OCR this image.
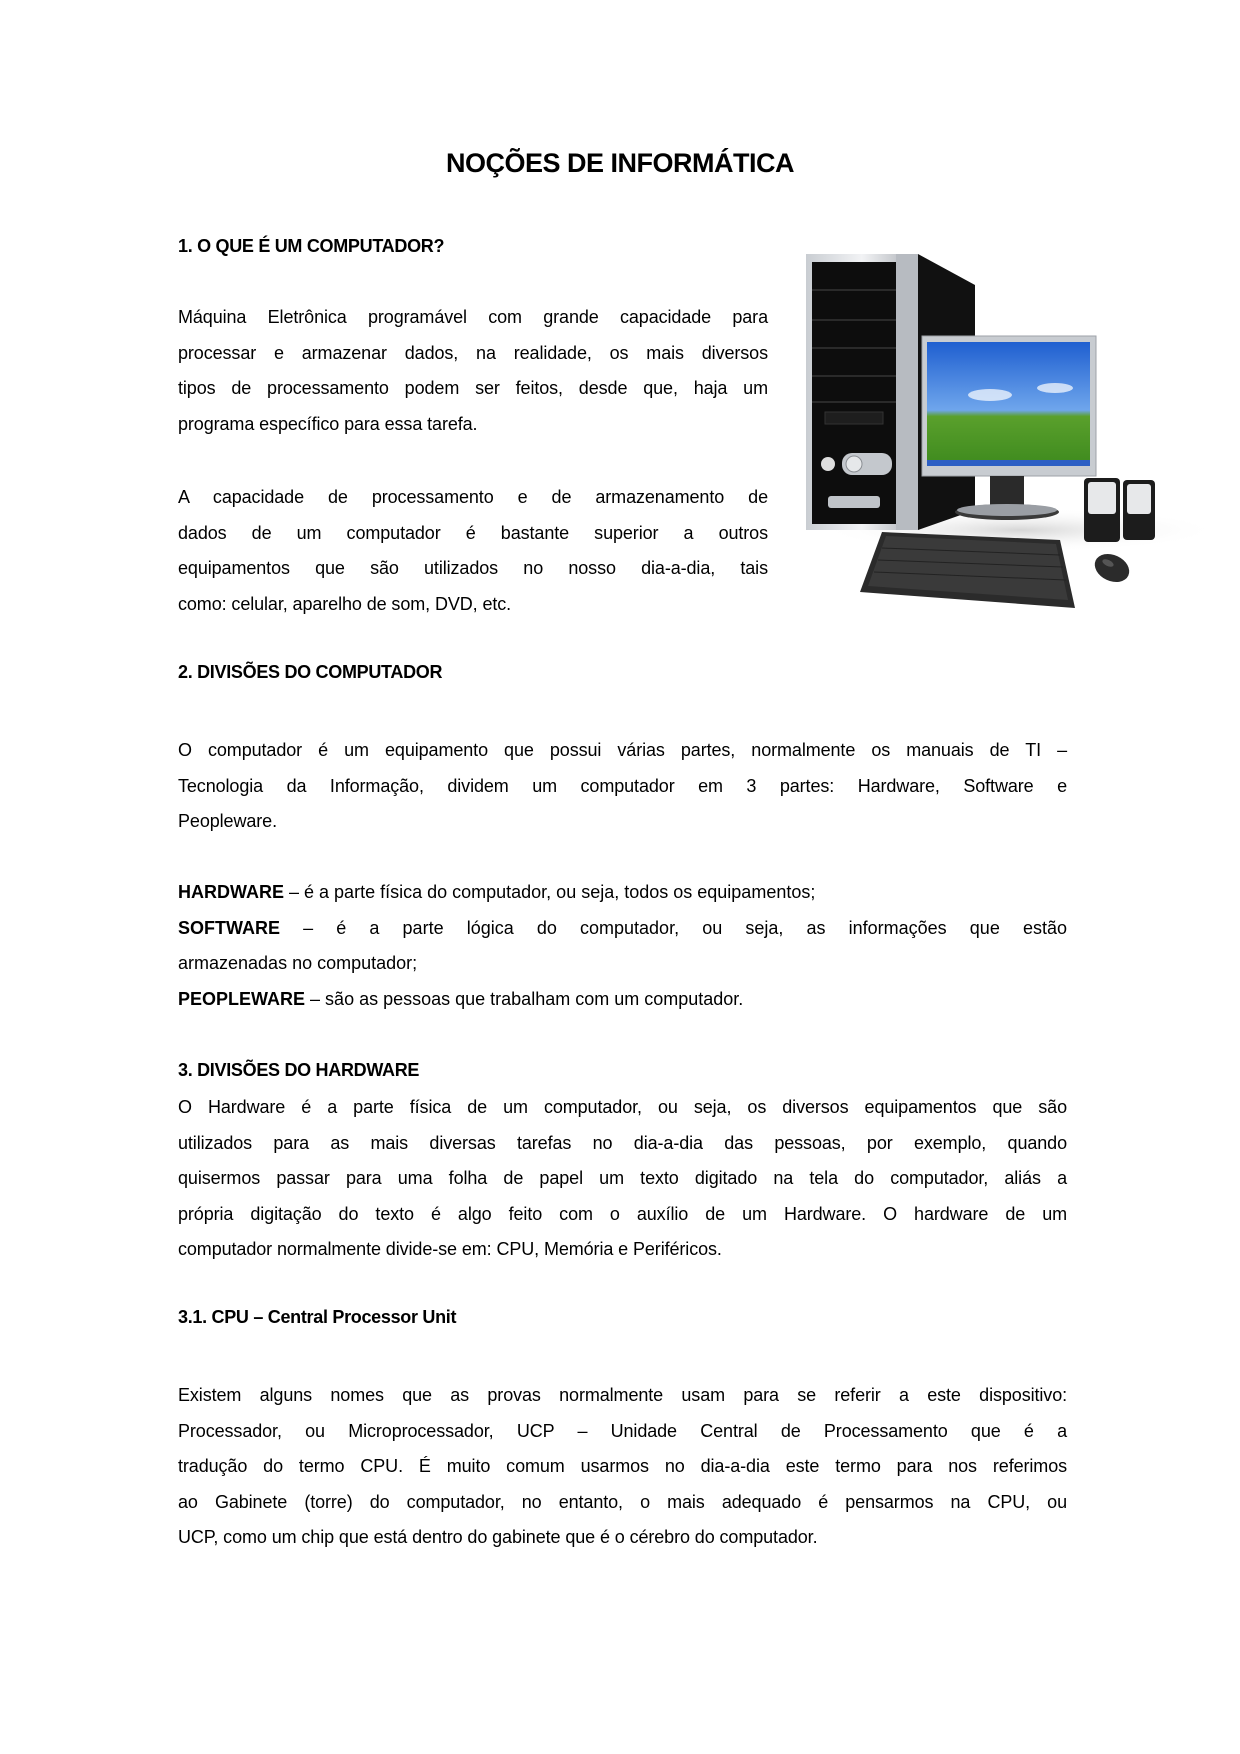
NOÇÕES DE INFORMÁTICA
1. O QUE É UM COMPUTADOR?
Máquina Eletrônica programável com grande capacidade para
processar e armazenar dados, na realidade, os mais diversos
tipos de processamento podem ser feitos, desde que, haja um
programa específico para essa tarefa.
A capacidade de processamento e de armazenamento de
dados de um computador é bastante superior a outros
equipamentos que são utilizados no nosso dia-a-dia, tais
como: celular, aparelho de som, DVD, etc.
2. DIVISÕES DO COMPUTADOR
O computador é um equipamento que possui várias partes, normalmente os manuais de TI –
Tecnologia da Informação, dividem um computador em 3 partes: Hardware, Software e
Peopleware.
HARDWARE – é a parte física do computador, ou seja, todos os equipamentos;
SOFTWARE – é a parte lógica do computador, ou seja, as informações que estão
armazenadas no computador;
PEOPLEWARE – são as pessoas que trabalham com um computador.
3. DIVISÕES DO HARDWARE
O Hardware é a parte física de um computador, ou seja, os diversos equipamentos que são
utilizados para as mais diversas tarefas no dia-a-dia das pessoas, por exemplo, quando
quisermos passar para uma folha de papel um texto digitado na tela do computador, aliás a
própria digitação do texto é algo feito com o auxílio de um Hardware. O hardware de um
computador normalmente divide-se em: CPU, Memória e Periféricos.
3.1. CPU – Central Processor Unit
Existem alguns nomes que as provas normalmente usam para se referir a este dispositivo:
Processador, ou Microprocessador, UCP – Unidade Central de Processamento que é a
tradução do termo CPU. É muito comum usarmos no dia-a-dia este termo para nos referimos
ao Gabinete (torre) do computador, no entanto, o mais adequado é pensarmos na CPU, ou
UCP, como um chip que está dentro do gabinete que é o cérebro do computador.
